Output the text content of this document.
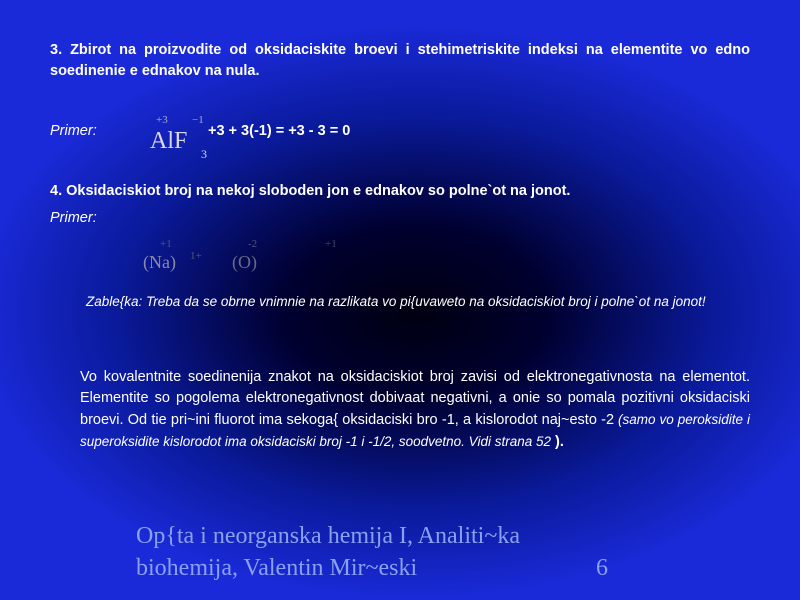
3. Zbirot na proizvodite od oksidaciskite broevi i stehimetriskite indeksi na elementite vo edno soedinenie e ednakov na nula.
Primer:
+3 −1
AlF 3
+3 + 3(-1) = +3 - 3 = 0
4. Oksidaciskiot broj na nekoj sloboden jon e ednakov so polne`ot na jonot.
Primer:
+1
(Na) 1+
-2
(O)
+1
Zable{ka: Treba da se obrne vnimnie na razlikata vo pi{uvaweto na oksidaciskiot broj i polne`ot na jonot!
Vo kovalentnite soedinenija znakot na oksidaciskiot broj zavisi od elektronegativnosta na elementot. Elementite so pogolema elektronegativnost dobivaat negativni, a onie so pomala pozitivni oksidaciski broevi. Od tie pri~ini fluorot ima sekoga{ oksidaciski bro -1, a kislorodot naj~esto -2 (samo vo peroksidite i superoksidite kislorodot ima oksidaciski broj -1 i -1/2, soodvetno. Vidi strana 52 ).
Op{ta i neorganska hemija I, Analiti~ka
biohemija, Valentin Mir~eski	6
